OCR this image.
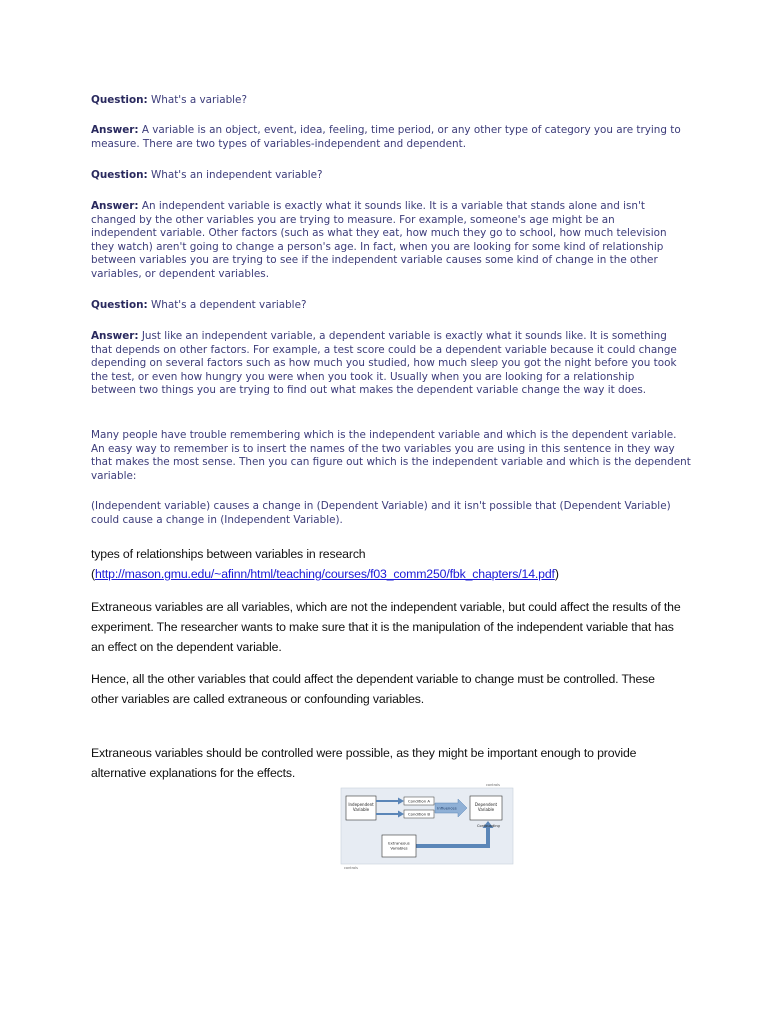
Question: What's a variable?
Answer: A variable is an object, event, idea, feeling, time period, or any other type of category you are trying to measure. There are two types of variables-independent and dependent.
Question: What's an independent variable?
Answer: An independent variable is exactly what it sounds like. It is a variable that stands alone and isn't changed by the other variables you are trying to measure. For example, someone's age might be an independent variable. Other factors (such as what they eat, how much they go to school, how much television they watch) aren't going to change a person's age. In fact, when you are looking for some kind of relationship between variables you are trying to see if the independent variable causes some kind of change in the other variables, or dependent variables.
Question: What's a dependent variable?
Answer: Just like an independent variable, a dependent variable is exactly what it sounds like. It is something that depends on other factors. For example, a test score could be a dependent variable because it could change depending on several factors such as how much you studied, how much sleep you got the night before you took the test, or even how hungry you were when you took it. Usually when you are looking for a relationship between two things you are trying to find out what makes the dependent variable change the way it does.
Many people have trouble remembering which is the independent variable and which is the dependent variable. An easy way to remember is to insert the names of the two variables you are using in this sentence in they way that makes the most sense. Then you can figure out which is the independent variable and which is the dependent variable:
(Independent variable) causes a change in (Dependent Variable) and it isn't possible that (Dependent Variable) could cause a change in (Independent Variable).
types of relationships between variables in research
(http://mason.gmu.edu/~afinn/html/teaching/courses/f03_comm250/fbk_chapters/14.pdf)
Extraneous variables are all variables, which are not the independent variable, but could affect the results of the experiment. The researcher wants to make sure that it is the manipulation of the independent variable that has an effect on the dependent variable.
Hence, all the other variables that could affect the dependent variable to change must be controlled. These other variables are called extraneous or confounding variables.
Extraneous variables should be controlled were possible, as they might be important enough to provide alternative explanations for the effects.
controls
controls
Independent
Variable
Condition A
Condition B
Influences
Dependent
Variable
Confounding
Extraneous
Variables
